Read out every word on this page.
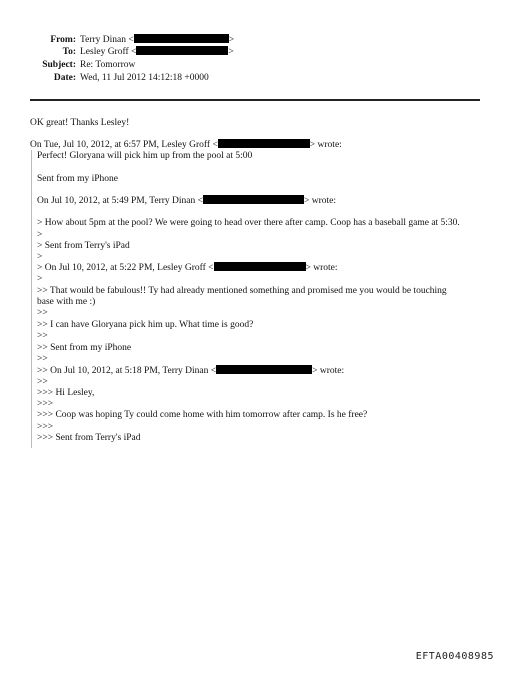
From: Terry Dinan <	>
To: Lesley Groff <	>
Subject: Re: Tomorrow
Date: Wed, 11 Jul 2012 14:12:18 +0000
OK great! Thanks Lesley!
On Tue, Jul 10, 2012, at 6:57 PM, Lesley Groff <	> wrote:
Perfect! Gloryana will pick him up from the pool at 5:00
Sent from my iPhone
On Jul 10, 2012, at 5:49 PM, Terry Dinan <	> wrote:
> How about 5pm at the pool? We were going to head over there after camp. Coop has a baseball game at 5:30.
>
> Sent from Terry's iPad
>
> On Jul 10, 2012, at 5:22 PM, Lesley Groff <	> wrote:
>
>> That would be fabulous!! Ty had already mentioned something and promised me you would be touching
base with me :)
>>
>> I can have Gloryana pick him up. What time is good?
>>
>> Sent from my iPhone
>>
>> On Jul 10, 2012, at 5:18 PM, Terry Dinan <	> wrote:
>>
>>> Hi Lesley,
>>>
>>> Coop was hoping Ty could come home with him tomorrow after camp. Is he free?
>>>
>>> Sent from Terry's iPad
EFTA00408985
